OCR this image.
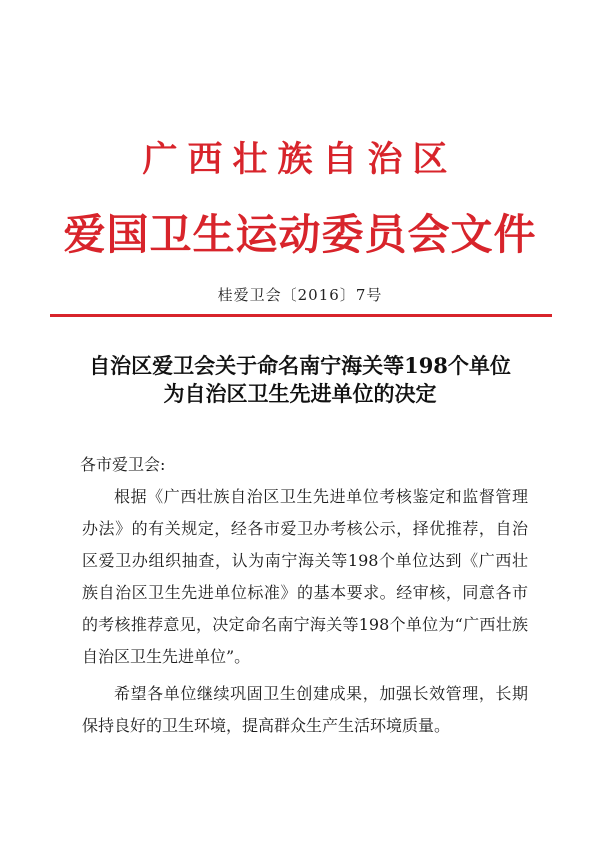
广西壮族自治区
爱国卫生运动委员会文件
桂爱卫会〔2016〕7号
自治区爱卫会关于命名南宁海关等198个单位
为自治区卫生先进单位的决定
各市爱卫会:

根据《广西壮族自治区卫生先进单位考核鉴定和监督管理办法》的有关规定，经各市爱卫办考核公示，择优推荐，自治区爱卫办组织抽查，认为南宁海关等198个单位达到《广西壮族自治区卫生先进单位标准》的基本要求。经审核，同意各市的考核推荐意见，决定命名南宁海关等198个单位为“广西壮族自治区卫生先进单位”。

希望各单位继续巩固卫生创建成果，加强长效管理，长期保持良好的卫生环境，提高群众生产生活环境质量。
